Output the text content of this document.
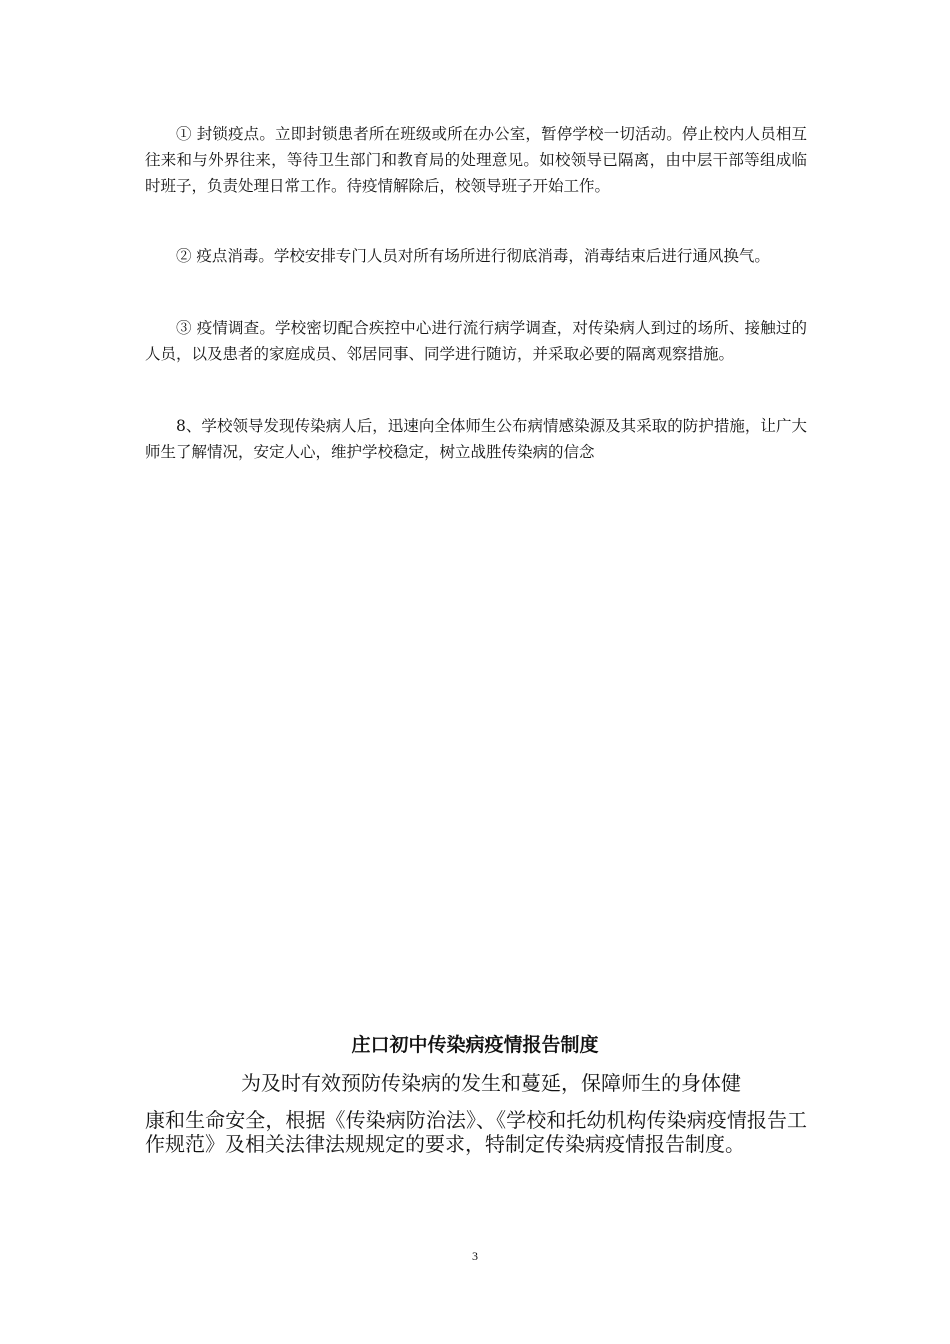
① 封锁疫点。立即封锁患者所在班级或所在办公室，暂停学校一切活动。停止校内人员相互往来和与外界往来，等待卫生部门和教育局的处理意见。如校领导已隔离，由中层干部等组成临时班子，负责处理日常工作。待疫情解除后，校领导班子开始工作。

② 疫点消毒。学校安排专门人员对所有场所进行彻底消毒，消毒结束后进行通风换气。

③ 疫情调查。学校密切配合疾控中心进行流行病学调查，对传染病人到过的场所、接触过的人员，以及患者的家庭成员、邻居同事、同学进行随访，并采取必要的隔离观察措施。

8、学校领导发现传染病人后，迅速向全体师生公布病情感染源及其采取的防护措施，让广大师生了解情况，安定人心，维护学校稳定，树立战胜传染病的信念

庄口初中传染病疫情报告制度

为及时有效预防传染病的发生和蔓延，保障师生的身体健

康和生命安全，根据《传染病防治法》、《学校和托幼机构传染病疫情报告工作规范》及相关法律法规规定的要求，特制定传染病疫情报告制度。

3
